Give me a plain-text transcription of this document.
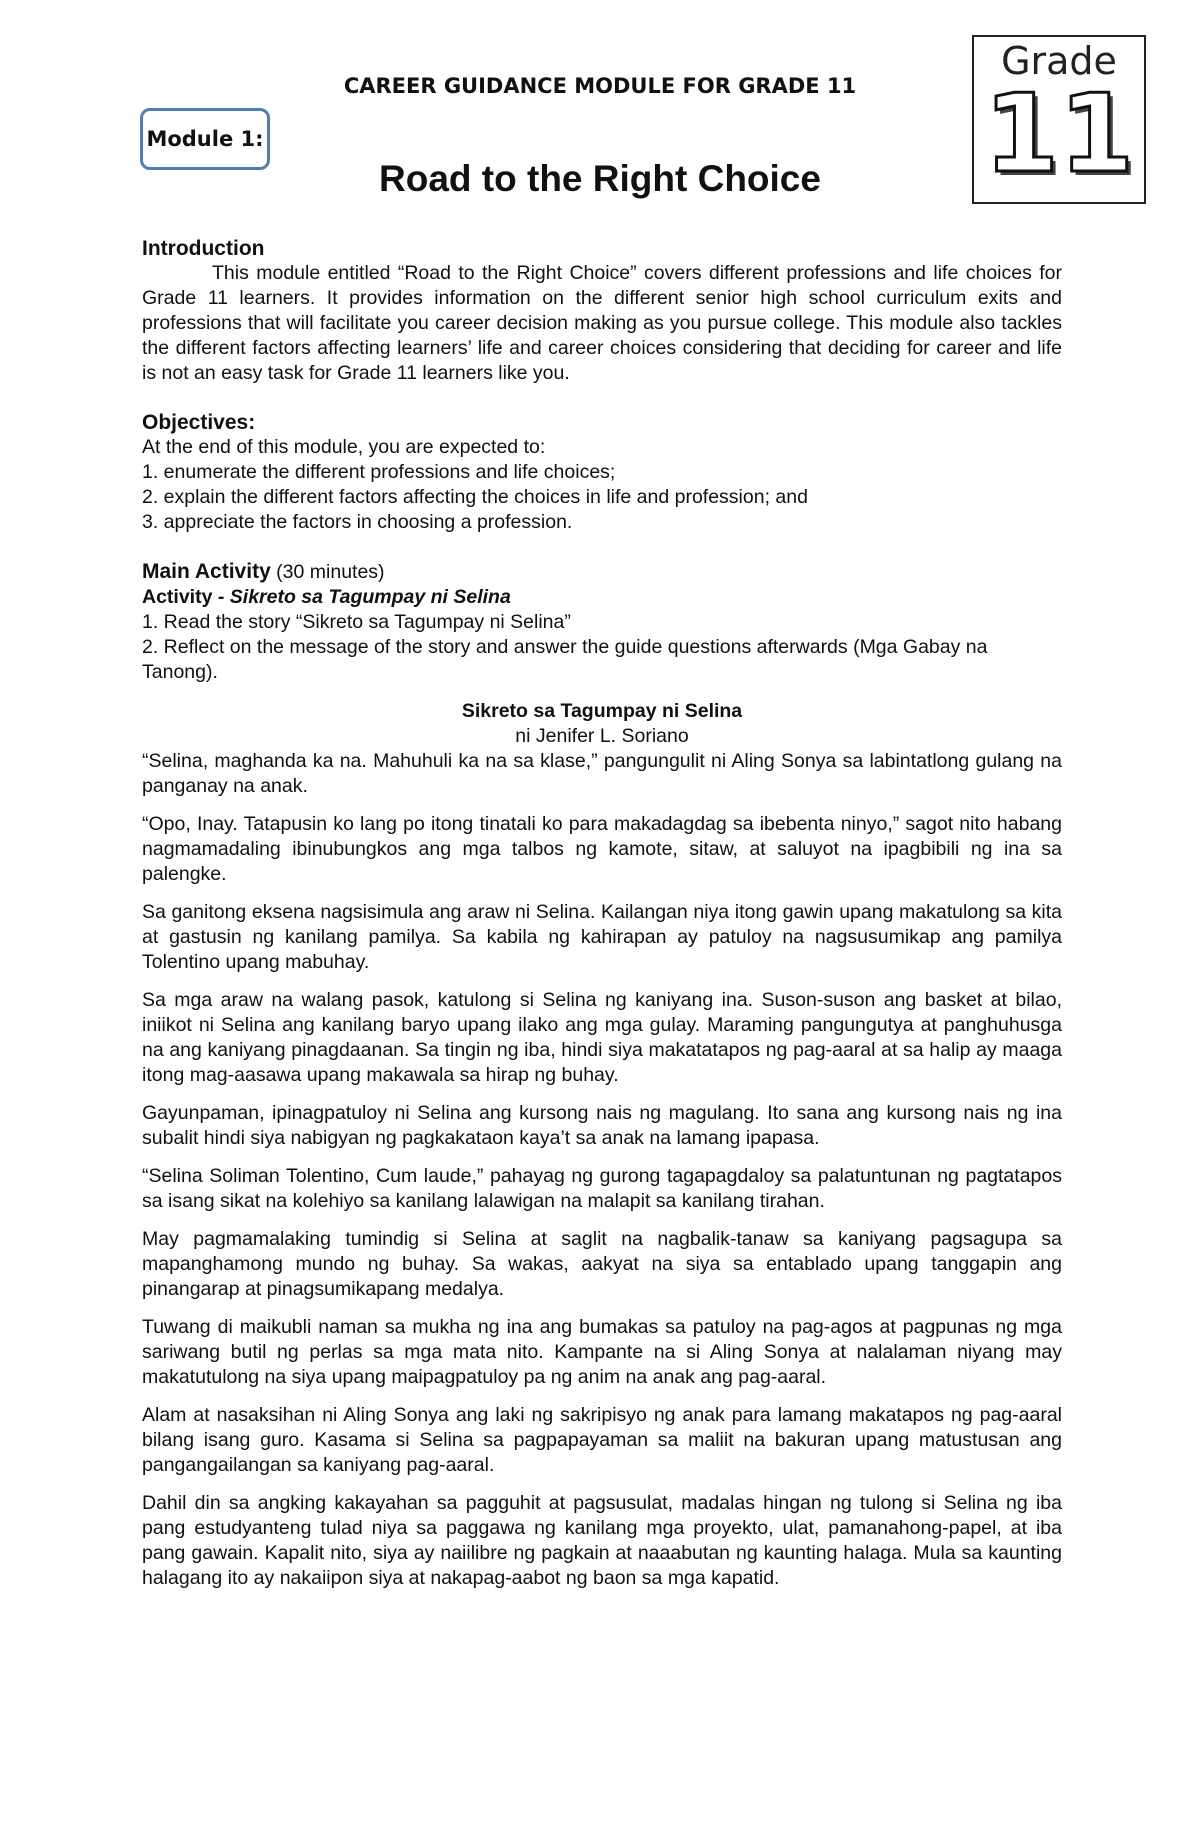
Module 1:
CAREER GUIDANCE MODULE FOR GRADE 11
Road to the Right Choice
Grade
11
Introduction
This module entitled “Road to the Right Choice” covers different professions and life choices for Grade 11 learners. It provides information on the different senior high school curriculum exits and professions that will facilitate you career decision making as you pursue college. This module also tackles the different factors affecting learners’ life and career choices considering that deciding for career and life is not an easy task for Grade 11 learners like you.
Objectives:
At the end of this module, you are expected to:
1. enumerate the different professions and life choices;
2. explain the different factors affecting the choices in life and profession; and
3. appreciate the factors in choosing a profession.
Main Activity (30 minutes)
Activity - Sikreto sa Tagumpay ni Selina
1. Read the story “Sikreto sa Tagumpay ni Selina”
2. Reflect on the message of the story and answer the guide questions afterwards (Mga Gabay na Tanong).
Sikreto sa Tagumpay ni Selina
ni Jenifer L. Soriano

“Selina, maghanda ka na. Mahuhuli ka na sa klase,” pangungulit ni Aling Sonya sa labintatlong gulang na panganay na anak.

“Opo, Inay. Tatapusin ko lang po itong tinatali ko para makadagdag sa ibebenta ninyo,” sagot nito habang nagmamadaling ibinubungkos ang mga talbos ng kamote, sitaw, at saluyot na ipagbibili ng ina sa palengke.

Sa ganitong eksena nagsisimula ang araw ni Selina. Kailangan niya itong gawin upang makatulong sa kita at gastusin ng kanilang pamilya. Sa kabila ng kahirapan ay patuloy na nagsusumikap ang pamilya Tolentino upang mabuhay.

Sa mga araw na walang pasok, katulong si Selina ng kaniyang ina. Suson-suson ang basket at bilao, iniikot ni Selina ang kanilang baryo upang ilako ang mga gulay. Maraming pangungutya at panghuhusga na ang kaniyang pinagdaanan. Sa tingin ng iba, hindi siya makatatapos ng pag-aaral at sa halip ay maaga itong mag-aasawa upang makawala sa hirap ng buhay.

Gayunpaman, ipinagpatuloy ni Selina ang kursong nais ng magulang. Ito sana ang kursong nais ng ina subalit hindi siya nabigyan ng pagkakataon kaya’t sa anak na lamang ipapasa.

“Selina Soliman Tolentino, Cum laude,” pahayag ng gurong tagapagdaloy sa palatuntunan ng pagtatapos sa isang sikat na kolehiyo sa kanilang lalawigan na malapit sa kanilang tirahan.

May pagmamalaking tumindig si Selina at saglit na nagbalik-tanaw sa kaniyang pagsagupa sa mapanghamong mundo ng buhay. Sa wakas, aakyat na siya sa entablado upang tanggapin ang pinangarap at pinagsumikapang medalya.

Tuwang di maikubli naman sa mukha ng ina ang bumakas sa patuloy na pag-agos at pagpunas ng mga sariwang butil ng perlas sa mga mata nito. Kampante na si Aling Sonya at nalalaman niyang may makatutulong na siya upang maipagpatuloy pa ng anim na anak ang pag-aaral.

Alam at nasaksihan ni Aling Sonya ang laki ng sakripisyo ng anak para lamang makatapos ng pag-aaral bilang isang guro. Kasama si Selina sa pagpapayaman sa maliit na bakuran upang matustusan ang pangangailangan sa kaniyang pag-aaral.

Dahil din sa angking kakayahan sa pagguhit at pagsusulat, madalas hingan ng tulong si Selina ng iba pang estudyanteng tulad niya sa paggawa ng kanilang mga proyekto, ulat, pamanahong-papel, at iba pang gawain. Kapalit nito, siya ay naiilibre ng pagkain at naaabutan ng kaunting halaga. Mula sa kaunting halagang ito ay nakaiipon siya at nakapag-aabot ng baon sa mga kapatid.
